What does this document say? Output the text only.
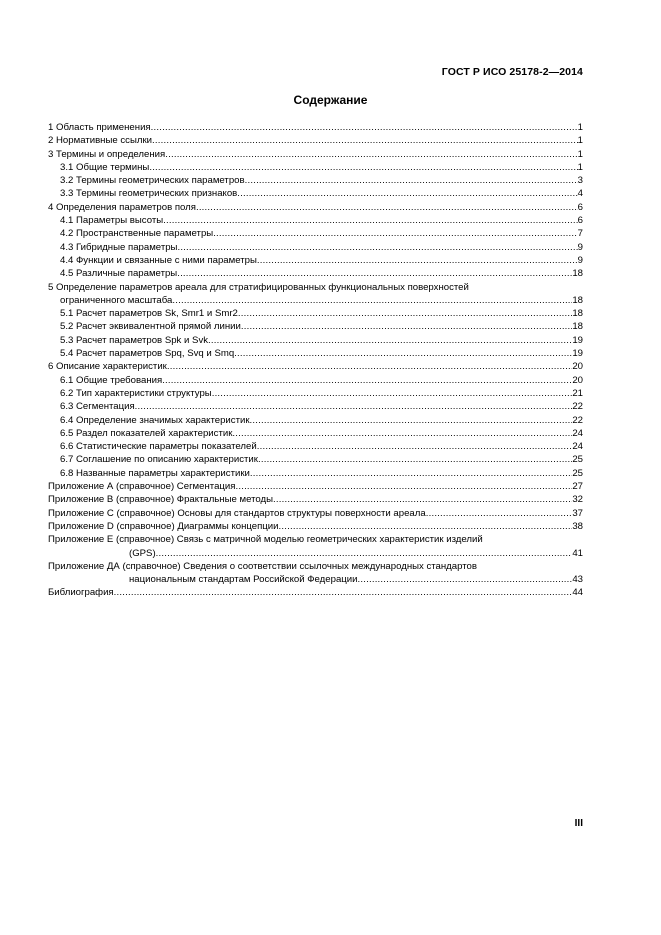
ГОСТ Р ИСО 25178-2—2014
Содержание
1 Область применения .....	1
2 Нормативные ссылки .....	1
3 Термины и определения .....	1
3.1 Общие термины .....	1
3.2 Термины геометрических параметров .....	3
3.3 Термины геометрических признаков .....	4
4 Определения параметров поля .....	6
4.1 Параметры высоты .....	6
4.2 Пространственные параметры .....	7
4.3 Гибридные параметры .....	9
4.4 Функции и связанные с ними параметры .....	9
4.5 Различные параметры .....	18
5 Определение параметров ареала для стратифицированных функциональных поверхностей
ограниченного масштаба .....	18
5.1 Расчет параметров Sk, Smr1 и Smr2 .....	18
5.2 Расчет эквивалентной прямой линии .....	18
5.3 Расчет параметров Spk и Svk .....	19
5.4 Расчет параметров Spq, Svq и Smq .....	19
6 Описание характеристик .....	20
6.1 Общие требования .....	20
6.2 Тип характеристики структуры .....	21
6.3 Сегментация .....	22
6.4 Определение значимых характеристик .....	22
6.5 Раздел показателей характеристик .....	24
6.6 Статистические параметры показателей .....	24
6.7 Соглашение по описанию характеристик .....	25
6.8 Названные параметры характеристики .....	25
Приложение А (справочное) Сегментация .....	27
Приложение В (справочное) Фрактальные методы .....	32
Приложение С (справочное) Основы для стандартов структуры поверхности ареала .....	37
Приложение D (справочное) Диаграммы концепции .....	38
Приложение Е (справочное) Связь с матричной моделью геометрических характеристик изделий
(GPS) .....	41
Приложение ДА (справочное) Сведения о соответствии ссылочных международных стандартов
национальным стандартам Российской Федерации .....	43
Библиография .....	44
III
